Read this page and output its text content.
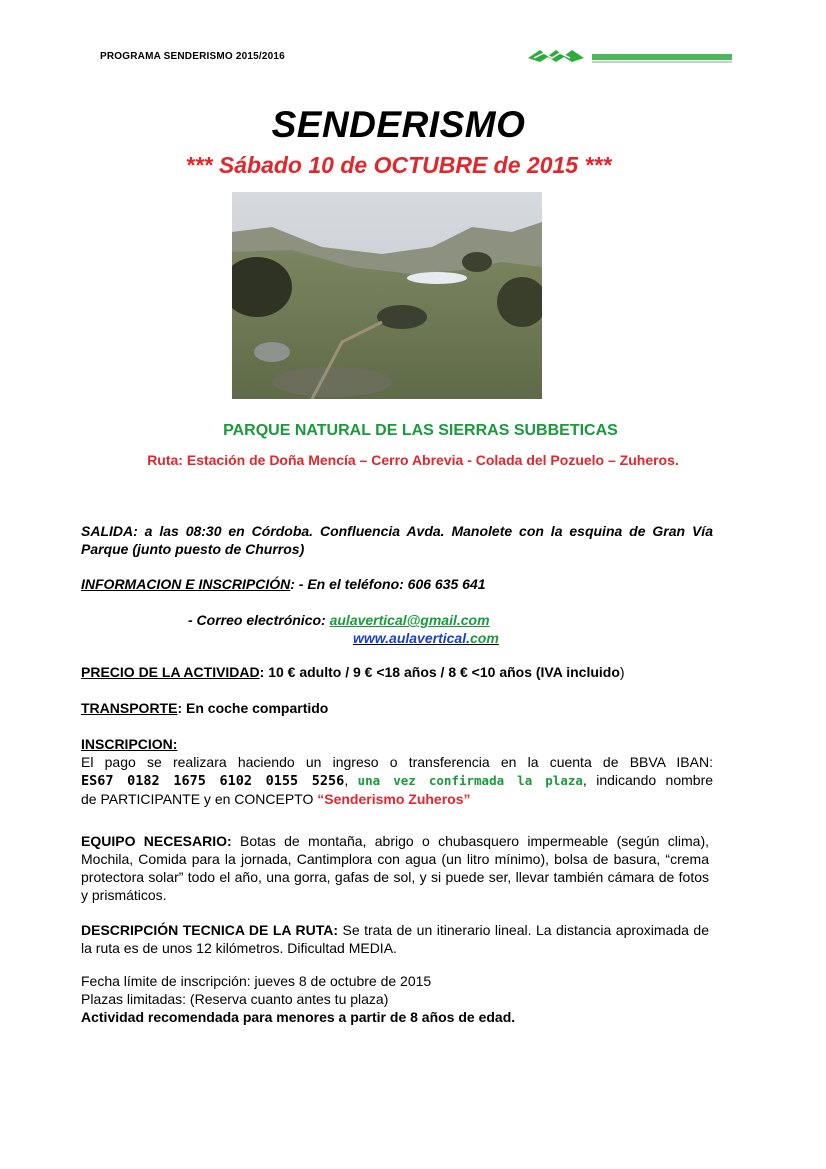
PROGRAMA SENDERISMO 2015/2016
SENDERISMO
*** Sábado 10 de OCTUBRE de 2015 ***
PARQUE NATURAL DE LAS SIERRAS SUBBETICAS
Ruta: Estación de Doña Mencía – Cerro Abrevia - Colada del Pozuelo – Zuheros.
SALIDA: a las 08:30 en Córdoba. Confluencia Avda. Manolete con la esquina de Gran Vía Parque (junto puesto de Churros)
INFORMACION E INSCRIPCIÓN: - En el teléfono: 606 635 641
- Correo electrónico: aulavertical@gmail.com
www.aulavertical.com
PRECIO DE LA ACTIVIDAD: 10 € adulto / 9 € <18 años / 8 € <10 años (IVA incluido)
TRANSPORTE: En coche compartido
INSCRIPCION:
El pago se realizara haciendo un ingreso o transferencia en la cuenta de BBVA IBAN:
ES67 0182 1675 6102 0155 5256, una vez confirmada la plaza, indicando nombre
de PARTICIPANTE y en CONCEPTO “Senderismo Zuheros”
EQUIPO NECESARIO: Botas de montaña, abrigo o chubasquero impermeable (según clima), Mochila, Comida para la jornada, Cantimplora con agua (un litro mínimo), bolsa de basura, “crema protectora solar” todo el año, una gorra, gafas de sol, y si puede ser, llevar también cámara de fotos y prismáticos.
DESCRIPCIÓN TECNICA DE LA RUTA: Se trata de un itinerario lineal. La distancia aproximada de la ruta es de unos 12 kilómetros. Dificultad MEDIA.
Fecha límite de inscripción: jueves 8 de octubre de 2015
Plazas limitadas: (Reserva cuanto antes tu plaza)
Actividad recomendada para menores a partir de 8 años de edad.
